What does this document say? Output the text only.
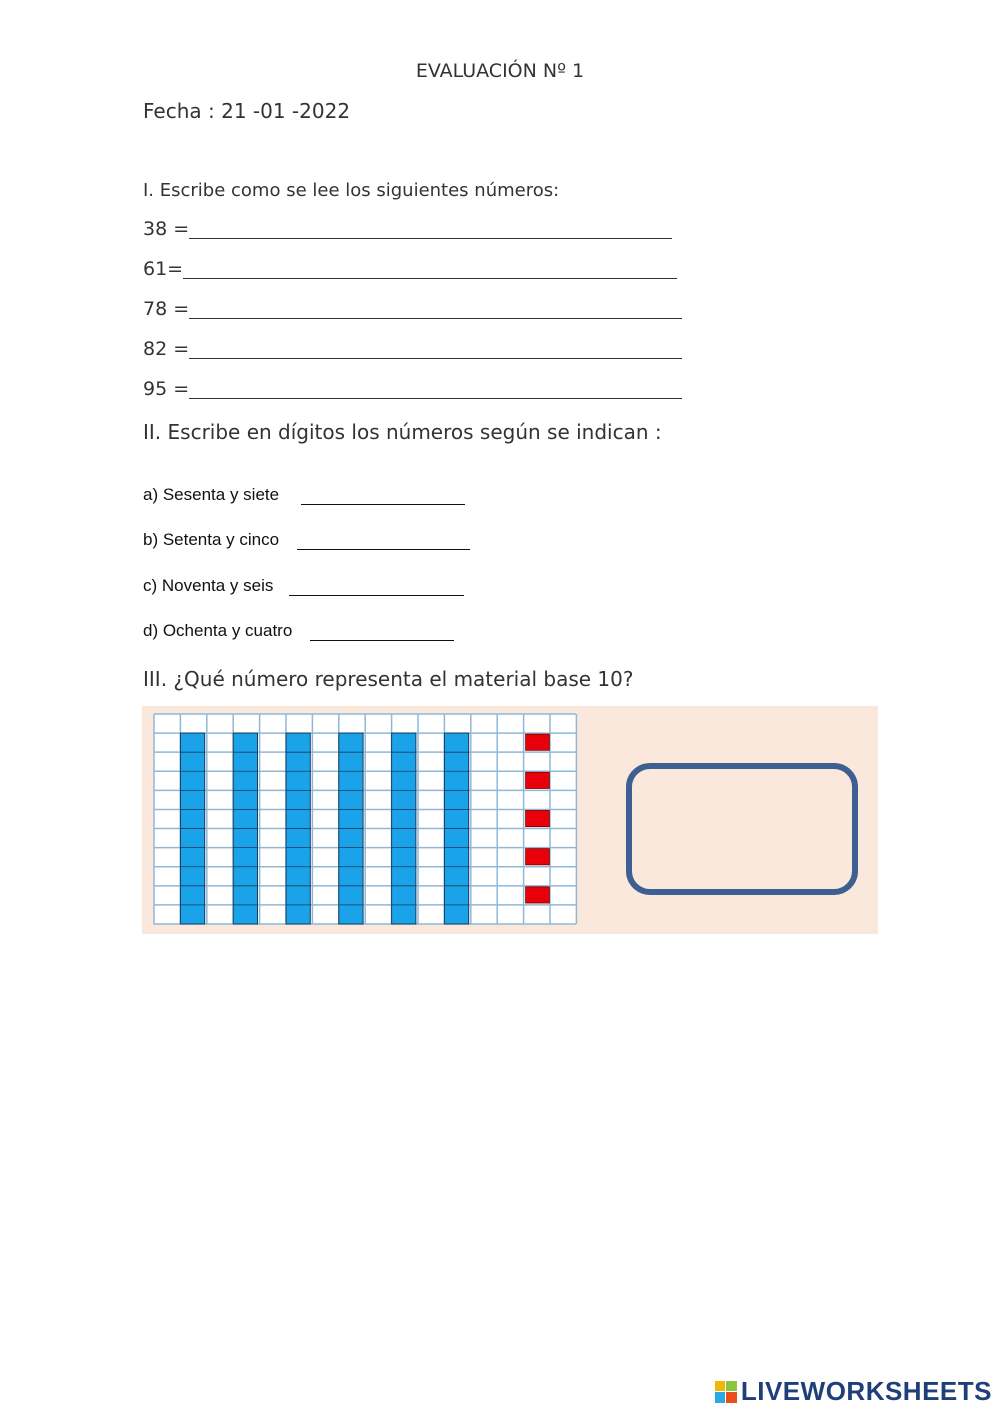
EVALUACIÓN Nº 1
Fecha : 21 -01 -2022
I. Escribe como se lee los siguientes números:
38 =
61=
78 =
82 =
95 =
II. Escribe en dígitos los números según se indican :
a) Sesenta y siete
b) Setenta y cinco
c) Noventa y seis
d) Ochenta y cuatro
III. ¿Qué número representa el material base 10?
LIVEWORKSHEETS
